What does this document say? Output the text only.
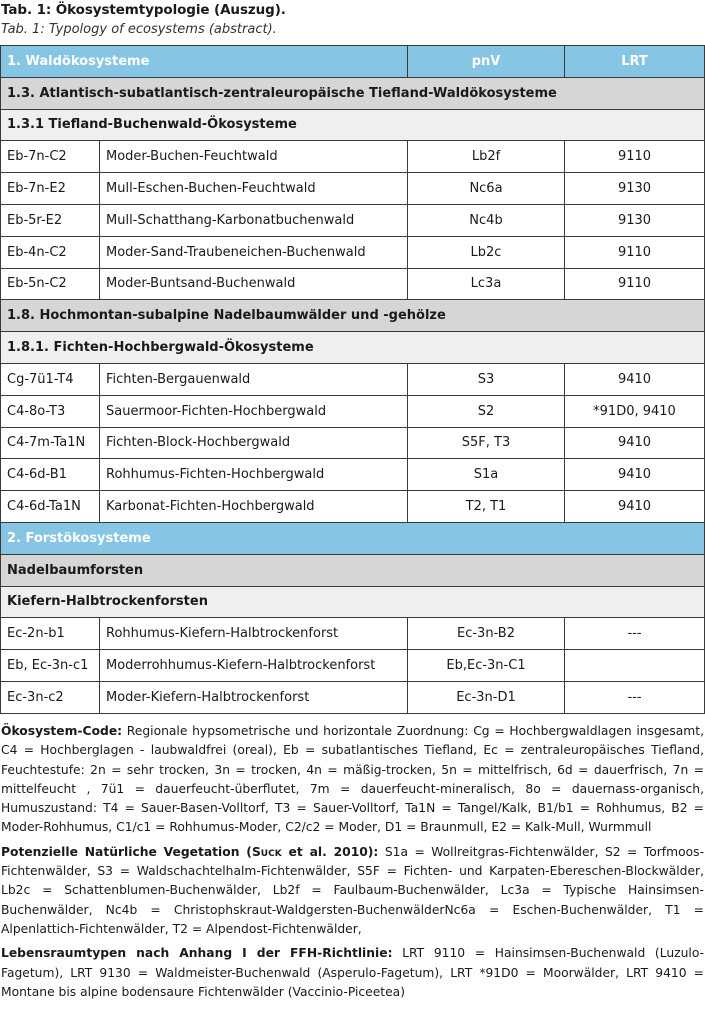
Tab. 1: Ökosystemtypologie (Auszug).
Tab. 1: Typology of ecosystems (abstract).
1. Waldökosysteme		pnV	LRT
1.3. Atlantisch-subatlantisch-zentraleuropäische Tiefland-Waldökosysteme			
1.3.1 Tiefland-Buchenwald-Ökosysteme			
Eb-7n-C2	Moder-Buchen-Feuchtwald	Lb2f	9110
Eb-7n-E2	Mull-Eschen-Buchen-Feuchtwald	Nc6a	9130
Eb-5r-E2	Mull-Schatthang-Karbonatbuchenwald	Nc4b	9130
Eb-4n-C2	Moder-Sand-Traubeneichen-Buchenwald	Lb2c	9110
Eb-5n-C2	Moder-Buntsand-Buchenwald	Lc3a	9110
1.8. Hochmontan-subalpine Nadelbaumwälder und -gehölze			
1.8.1. Fichten-Hochbergwald-Ökosysteme			
Cg-7ü1-T4	Fichten-Bergauenwald	S3	9410
C4-8o-T3	Sauermoor-Fichten-Hochbergwald	S2	*91D0, 9410
C4-7m-Ta1N	Fichten-Block-Hochbergwald	S5F, T3	9410
C4-6d-B1	Rohhumus-Fichten-Hochbergwald	S1a	9410
C4-6d-Ta1N	Karbonat-Fichten-Hochbergwald	T2, T1	9410
2. Forstökosysteme			
Nadelbaumforsten			
Kiefern-Halbtrockenforsten			
Ec-2n-b1	Rohhumus-Kiefern-Halbtrockenforst	Ec-3n-B2	---
Eb, Ec-3n-c1	Moderrohhumus-Kiefern-Halbtrockenforst	Eb,Ec-3n-C1	
Ec-3n-c2	Moder-Kiefern-Halbtrockenforst	Ec-3n-D1	---

Ökosystem-Code: Regionale hypsometrische und horizontale Zuordnung: Cg = Hochbergwaldlagen insgesamt, C4 = Hochberglagen - laubwaldfrei (oreal), Eb = subatlantisches Tiefland, Ec = zentraleuropäisches Tiefland, Feuchtestufe: 2n = sehr trocken, 3n = trocken, 4n = mäßig-trocken, 5n = mittelfrisch, 6d = dauerfrisch, 7n = mittelfeucht , 7ü1 = dauerfeucht-überflutet, 7m = dauerfeucht-mineralisch, 8o = dauernass-organisch, Humuszustand: T4 = Sauer-Basen-Volltorf, T3 = Sauer-Volltorf, Ta1N = Tangel/Kalk, B1/b1 = Rohhumus, B2 = Moder-Rohhumus, C1/c1 = Rohhumus-Moder, C2/c2 = Moder, D1 = Braunmull, E2 = Kalk-Mull, Wurmmull

Potenzielle Natürliche Vegetation (Suck et al. 2010): S1a = Wollreitgras-Fichtenwälder, S2 = Torfmoos-Fichtenwälder, S3 = Waldschachtelhalm-Fichtenwälder, S5F = Fichten- und Karpaten-Ebereschen-Blockwälder, Lb2c = Schattenblumen-Buchenwälder, Lb2f = Faulbaum-Buchenwälder, Lc3a = Typische Hainsimsen-Buchenwälder, Nc4b = Christophskraut-Waldgersten-BuchenwälderNc6a = Eschen-Buchenwälder, T1 = Alpenlattich-Fichtenwälder, T2 = Alpendost-Fichtenwälder,

Lebensraumtypen nach Anhang I der FFH-Richtlinie: LRT 9110 = Hainsimsen-Buchenwald (Luzulo-Fagetum), LRT 9130 = Waldmeister-Buchenwald (Asperulo-Fagetum), LRT *91D0 = Moorwälder, LRT 9410 = Montane bis alpine bodensaure Fichtenwälder (Vaccinio-Piceetea)
